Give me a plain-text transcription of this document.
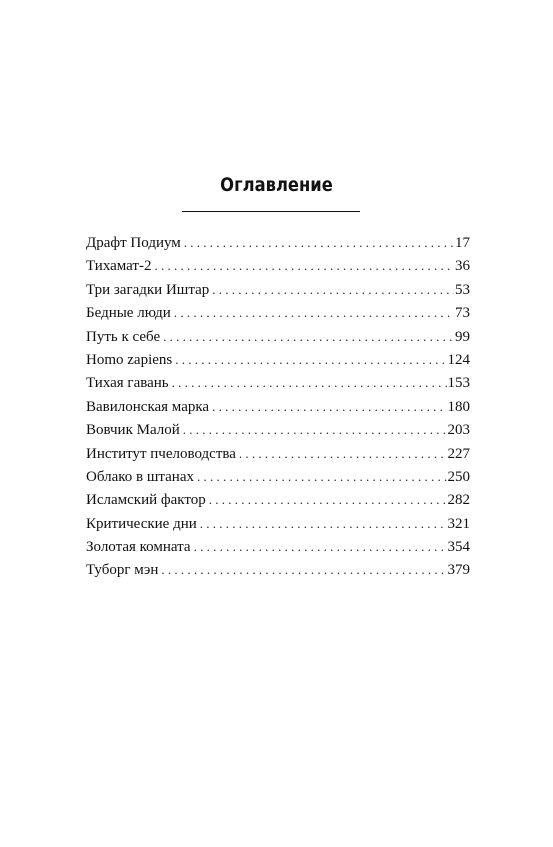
Оглавление
Драфт Подиум . . .	17
Тихамат-2 . . .	36
Три загадки Иштар . . .	53
Бедные люди . . .	73
Путь к себе . . .	99
Homo zapiens . . .	124
Тихая гавань . . .	153
Вавилонская марка . . .	180
Вовчик Малой . . .	203
Институт пчеловодства . . .	227
Облако в штанах . . .	250
Исламский фактор . . .	282
Критические дни . . .	321
Золотая комната . . .	354
Туборг мэн . . .	379
